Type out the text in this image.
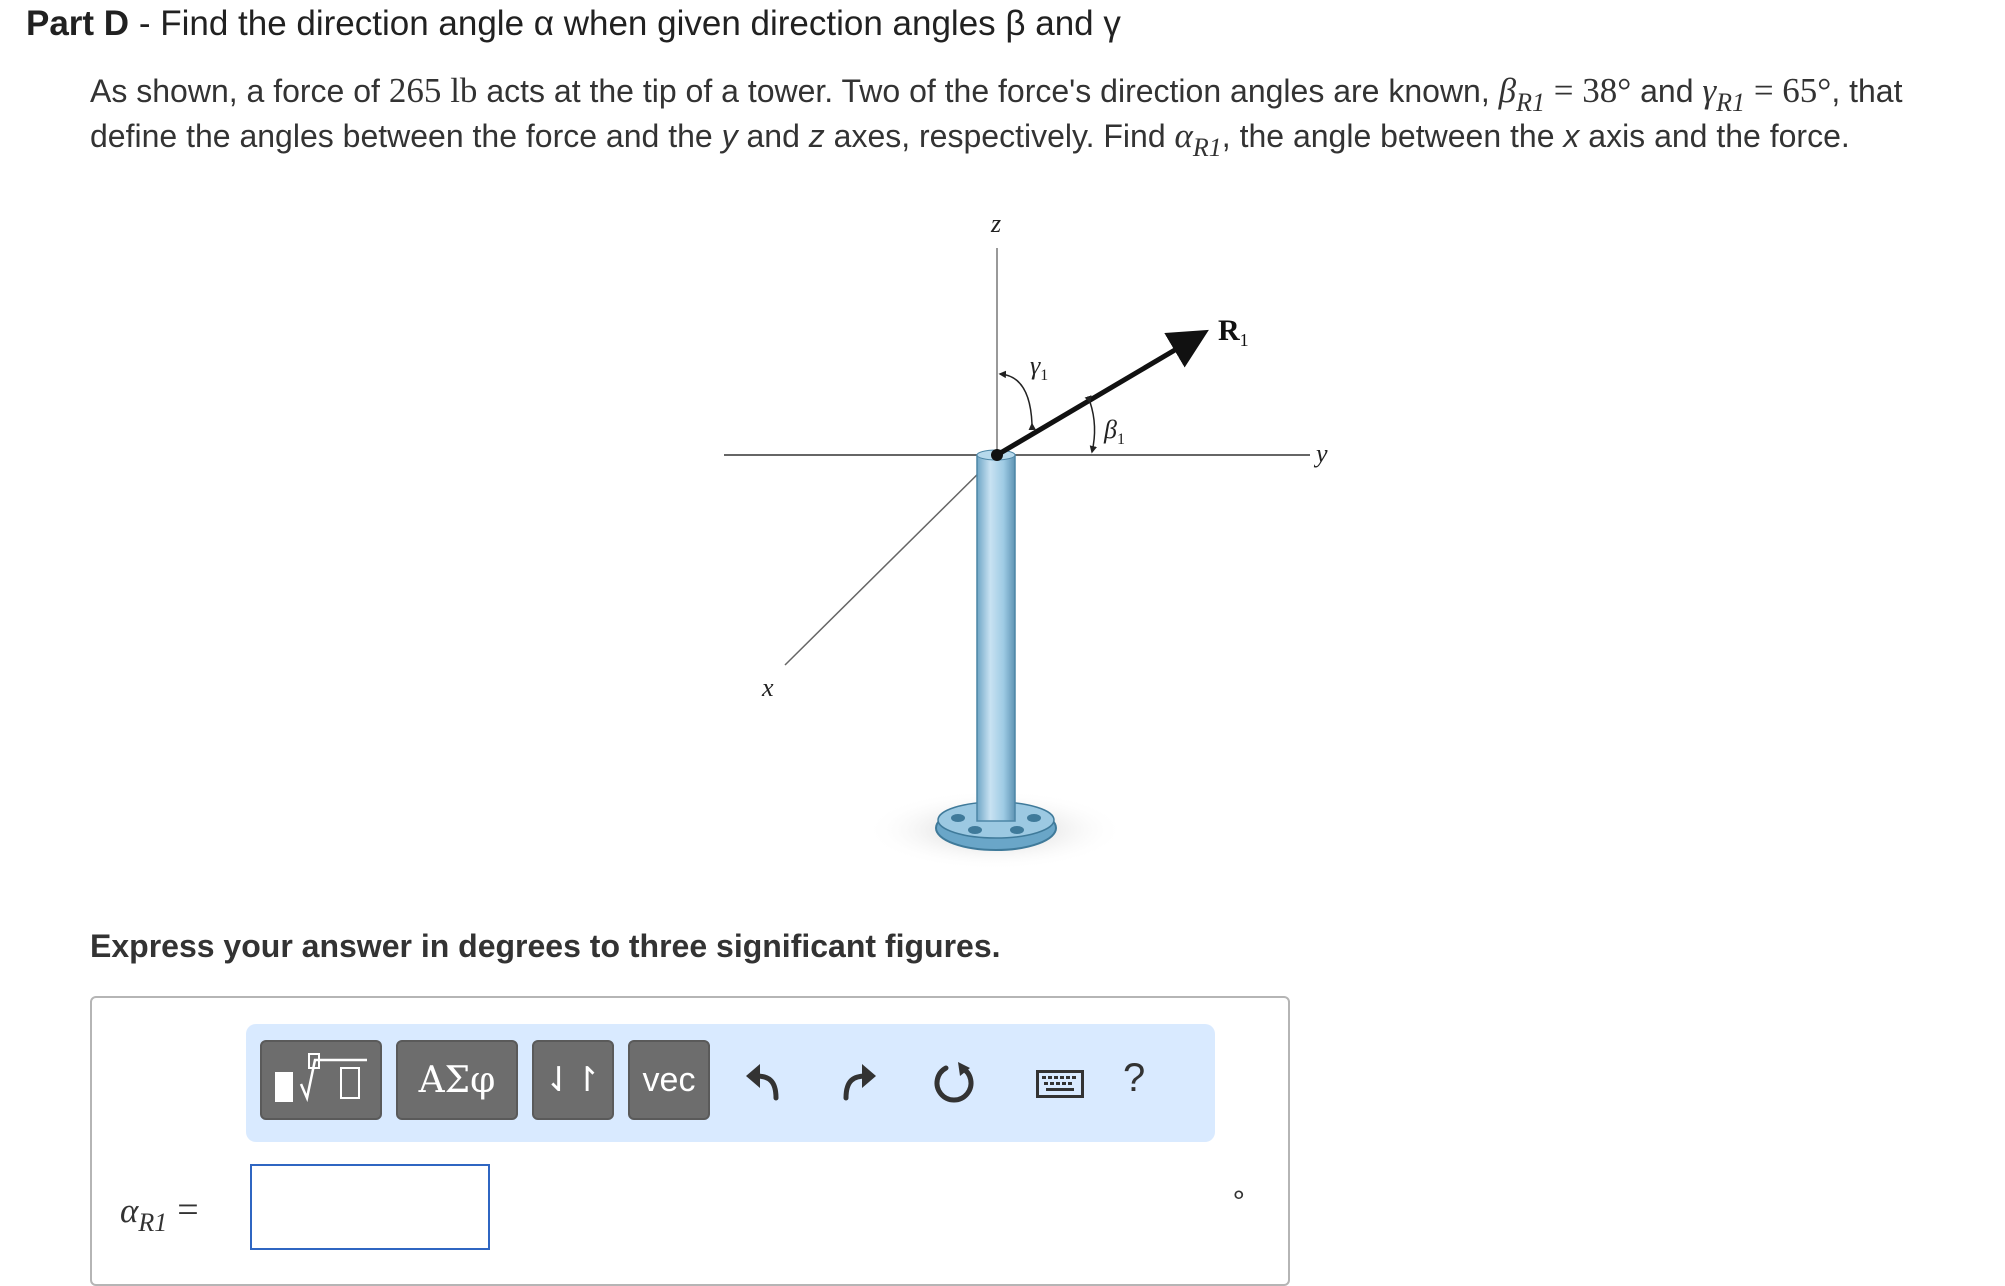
Part D - Find the direction angle α when given direction angles β and γ

As shown, a force of 265 lb acts at the tip of a tower. Two of the force's direction angles are known, $\beta_{R1} = 38^\circ$ and $\gamma_{R1} = 65^\circ$, that define the angles between the force and the y and z axes, respectively. Find $\alpha_{R1}$, the angle between the x axis and the force.

z
y
x
$R_1$
$\gamma_1$
$\beta_1$

Express your answer in degrees to three significant figures.

ΑΣφ	⇃↾	vec	?
αR1 =	∘
